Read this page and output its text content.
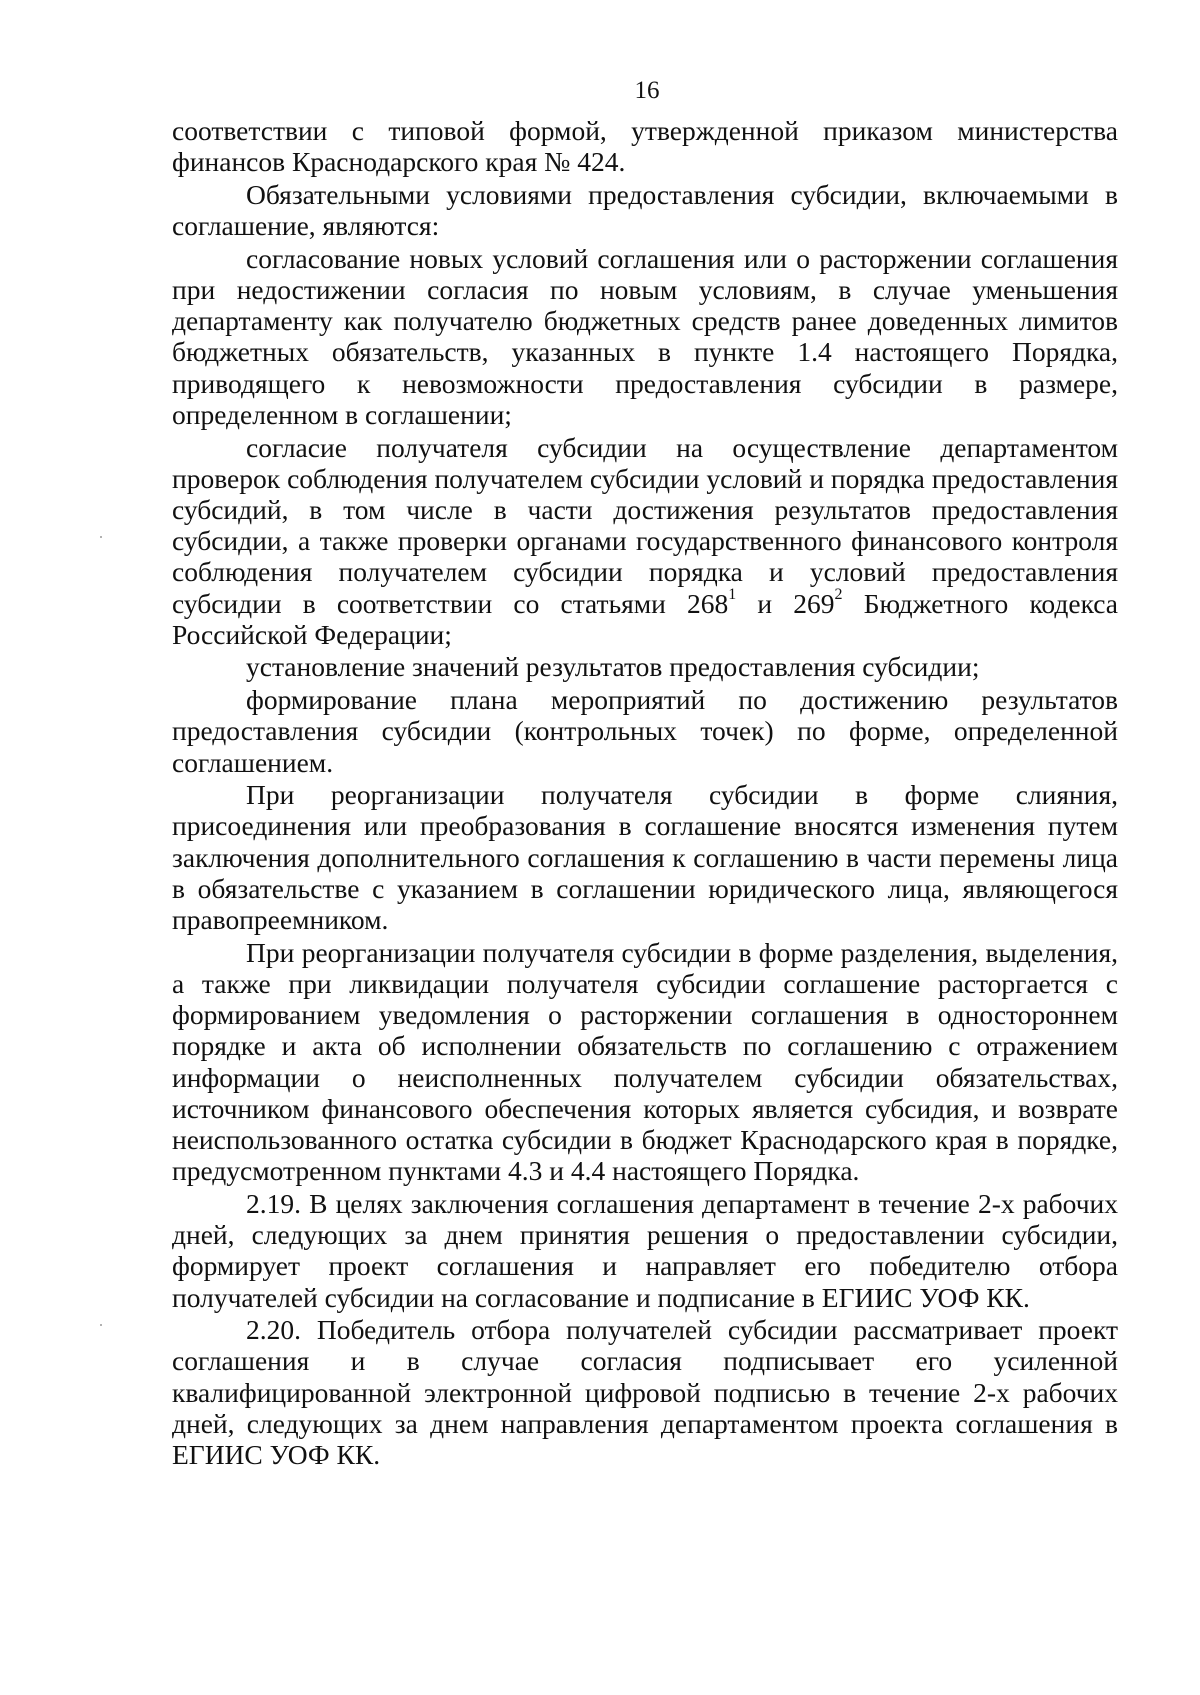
16

соответствии с типовой формой, утвержденной приказом министерства финансов Краснодарского края № 424.

Обязательными условиями предоставления субсидии, включаемыми в соглашение, являются:

согласование новых условий соглашения или о расторжении соглашения при недостижении согласия по новым условиям, в случае уменьшения департаменту как получателю бюджетных средств ранее доведенных лимитов бюджетных обязательств, указанных в пункте 1.4 настоящего Порядка, приводящего к невозможности предоставления субсидии в размере, определенном в соглашении;

согласие получателя субсидии на осуществление департаментом проверок соблюдения получателем субсидии условий и порядка предоставления субсидий, в том числе в части достижения результатов предоставления субсидии, а также проверки органами государственного финансового контроля соблюдения получателем субсидии порядка и условий предоставления субсидии в соответствии со статьями $268^1$ и $269^2$ Бюджетного кодекса Российской Федерации;

установление значений результатов предоставления субсидии;

формирование плана мероприятий по достижению результатов предоставления субсидии (контрольных точек) по форме, определенной соглашением.

При реорганизации получателя субсидии в форме слияния, присоединения или преобразования в соглашение вносятся изменения путем заключения дополнительного соглашения к соглашению в части перемены лица в обязательстве с указанием в соглашении юридического лица, являющегося правопреемником.

При реорганизации получателя субсидии в форме разделения, выделения, а также при ликвидации получателя субсидии соглашение расторгается с формированием уведомления о расторжении соглашения в одностороннем порядке и акта об исполнении обязательств по соглашению с отражением информации о неисполненных получателем субсидии обязательствах, источником финансового обеспечения которых является субсидия, и возврате неиспользованного остатка субсидии в бюджет Краснодарского края в порядке, предусмотренном пунктами 4.3 и 4.4 настоящего Порядка.

2.19. В целях заключения соглашения департамент в течение 2-х рабочих дней, следующих за днем принятия решения о предоставлении субсидии, формирует проект соглашения и направляет его победителю отбора получателей субсидии на согласование и подписание в ЕГИИС УОФ КК.

2.20. Победитель отбора получателей субсидии рассматривает проект соглашения и в случае согласия подписывает его усиленной квалифицированной электронной цифровой подписью в течение 2-х рабочих дней, следующих за днем направления департаментом проекта соглашения в ЕГИИС УОФ КК.
